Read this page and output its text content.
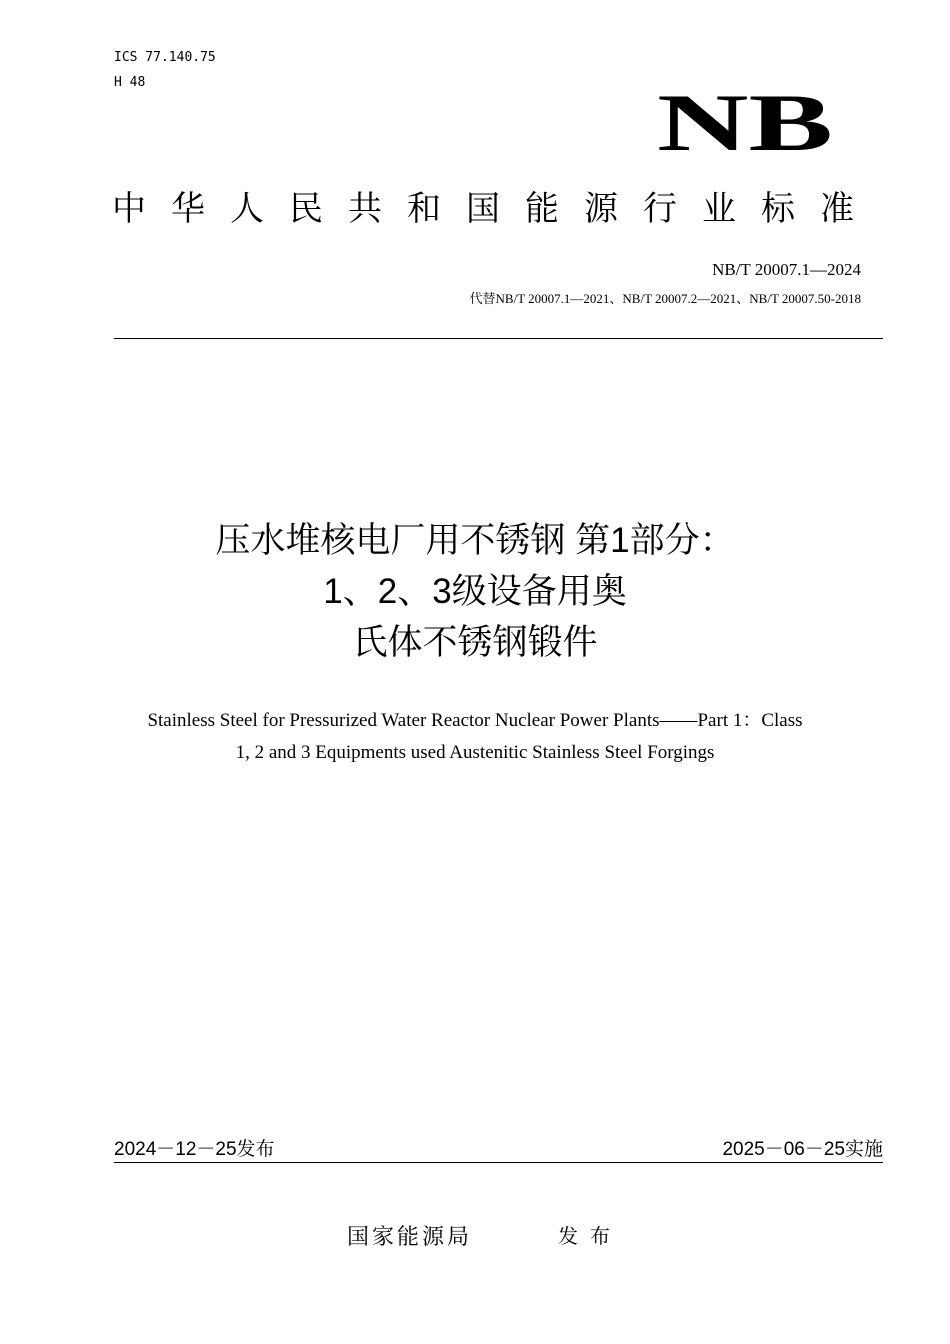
ICS 77.140.75
H 48	NB
中华人民共和国能源行业标准
NB/T 20007.1—2024
代替NB/T 20007.1—2021、NB/T 20007.2—2021、NB/T 20007.50-2018
压水堆核电厂用不锈钢 第1部分：
1、2、3级设备用奥
氏体不锈钢锻件
Stainless Steel for Pressurized Water Reactor Nuclear Power Plants——Part 1：Class
1, 2 and 3 Equipments used Austenitic Stainless Steel Forgings
2024－12－25发布	2025－06－25实施
国家能源局	发布
